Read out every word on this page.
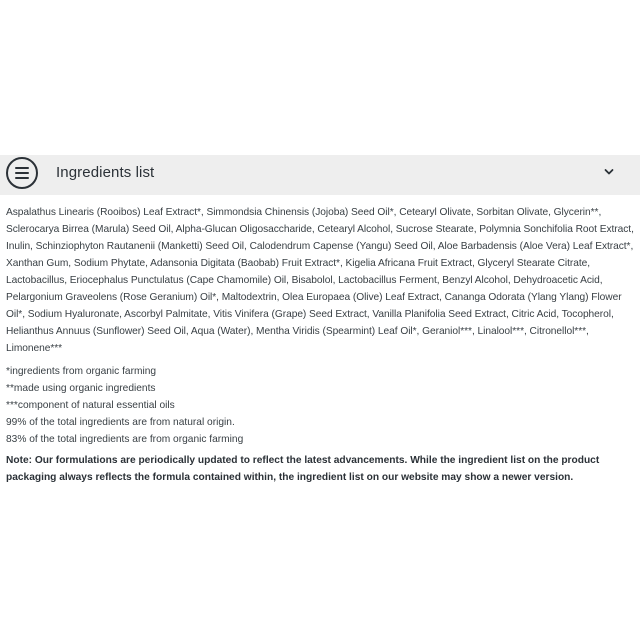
Ingredients list

Aspalathus Linearis (Rooibos) Leaf Extract*, Simmondsia Chinensis (Jojoba) Seed Oil*, Cetearyl Olivate, Sorbitan Olivate, Glycerin**, Sclerocarya Birrea (Marula) Seed Oil, Alpha-Glucan Oligosaccharide, Cetearyl Alcohol, Sucrose Stearate, Polymnia Sonchifolia Root Extract, Inulin, Schinziophyton Rautanenii (Manketti) Seed Oil, Calodendrum Capense (Yangu) Seed Oil, Aloe Barbadensis (Aloe Vera) Leaf Extract*, Xanthan Gum, Sodium Phytate, Adansonia Digitata (Baobab) Fruit Extract*, Kigelia Africana Fruit Extract, Glyceryl Stearate Citrate, Lactobacillus, Eriocephalus Punctulatus (Cape Chamomile) Oil, Bisabolol, Lactobacillus Ferment, Benzyl Alcohol, Dehydroacetic Acid, Pelargonium Graveolens (Rose Geranium) Oil*, Maltodextrin, Olea Europaea (Olive) Leaf Extract, Cananga Odorata (Ylang Ylang) Flower Oil*, Sodium Hyaluronate, Ascorbyl Palmitate, Vitis Vinifera (Grape) Seed Extract, Vanilla Planifolia Seed Extract, Citric Acid, Tocopherol, Helianthus Annuus (Sunflower) Seed Oil, Aqua (Water), Mentha Viridis (Spearmint) Leaf Oil*, Geraniol***, Linalool***, Citronellol***, Limonene***

*ingredients from organic farming

**made using organic ingredients

***component of natural essential oils

99% of the total ingredients are from natural origin.

83% of the total ingredients are from organic farming

Note: Our formulations are periodically updated to reflect the latest advancements. While the ingredient list on the product packaging always reflects the formula contained within, the ingredient list on our website may show a newer version.
